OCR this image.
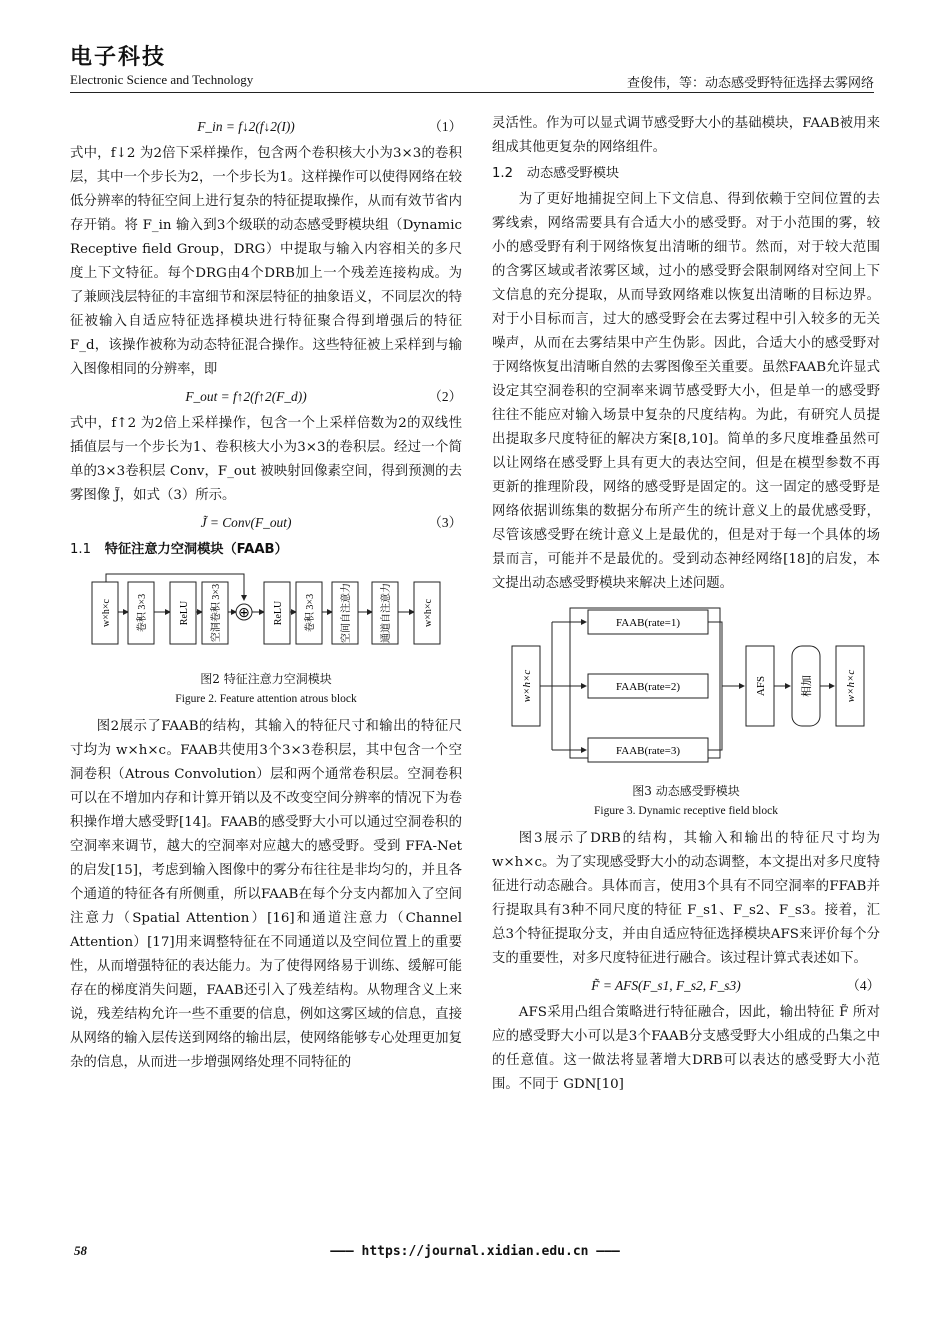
电子科技
Electronic Science and Technology	查俊伟，等：动态感受野特征选择去雾网络
F_in = f↓2(f↓2(I))	（1）

式中，f↓2 为2倍下采样操作，包含两个卷积核大小为3×3的卷积层，其中一个步长为2，一个步长为1。这样操作可以使得网络在较低分辨率的特征空间上进行复杂的特征提取操作，从而有效节省内存开销。将 F_in 输入到3个级联的动态感受野模块组（Dynamic Receptive field Group，DRG）中提取与输入内容相关的多尺度上下文特征。每个DRG由4个DRB加上一个残差连接构成。为了兼顾浅层特征的丰富细节和深层特征的抽象语义，不同层次的特征被输入自适应特征选择模块进行特征聚合得到增强后的特征 F_d，该操作被称为动态特征混合操作。这些特征被上采样到与输入图像相同的分辨率，即

F_out = f↑2(f↑2(F_d))	（2）

式中，f↑2 为2倍上采样操作，包含一个上采样倍数为2的双线性插值层与一个步长为1、卷积核大小为3×3的卷积层。经过一个简单的3×3卷积层 Conv，F_out 被映射回像素空间，得到预测的去雾图像 J̃，如式（3）所示。

J̃ = Conv(F_out)	（3）
1.1 特征注意力空洞模块（FAAB）
w×h×c	卷积 3×3	ReLU 空洞卷积 3×3	ReLU 卷积 3×3	空间自注意力	通道自注意力	w×h×c
⊕
图2 特征注意力空洞模块
Figure 2. Feature attention atrous block

图2展示了FAAB的结构，其输入的特征尺寸和输出的特征尺寸均为 w×h×c。FAAB共使用3个3×3卷积层，其中包含一个空洞卷积（Atrous Convolution）层和两个通常卷积层。空洞卷积可以在不增加内存和计算开销以及不改变空间分辨率的情况下为卷积操作增大感受野[14]。FAAB的感受野大小可以通过空洞卷积的空洞率来调节，越大的空洞率对应越大的感受野。受到 FFA-Net 的启发[15]，考虑到输入图像中的雾分布往往是非均匀的，并且各个通道的特征各有所侧重，所以FAAB在每个分支内都加入了空间注意力（Spatial Attention）[16]和通道注意力（Channel Attention）[17]用来调整特征在不同通道以及空间位置上的重要性，从而增强特征的表达能力。为了使得网络易于训练、缓解可能存在的梯度消失问题，FAAB还引入了残差结构。从物理含义上来说，残差结构允许一些不重要的信息，例如这雾区域的信息，直接从网络的输入层传送到网络的输出层，使网络能够专心处理更加复杂的信息，从而进一步增强网络处理不同特征的

灵活性。作为可以显式调节感受野大小的基础模块，FAAB被用来组成其他更复杂的网络组件。

1.2 动态感受野模块

为了更好地捕捉空间上下文信息、得到依赖于空间位置的去雾线索，网络需要具有合适大小的感受野。对于小范围的雾，较小的感受野有利于网络恢复出清晰的细节。然而，对于较大范围的含雾区域或者浓雾区域，过小的感受野会限制网络对空间上下文信息的充分提取，从而导致网络难以恢复出清晰的目标边界。对于小目标而言，过大的感受野会在去雾过程中引入较多的无关噪声，从而在去雾结果中产生伪影。因此，合适大小的感受野对于网络恢复出清晰自然的去雾图像至关重要。虽然FAAB允许显式设定其空洞卷积的空洞率来调节感受野大小，但是单一的感受野往往不能应对输入场景中复杂的尺度结构。为此，有研究人员提出提取多尺度特征的解决方案[8,10]。简单的多尺度堆叠虽然可以让网络在感受野上具有更大的表达空间，但是在模型参数不再更新的推理阶段，网络的感受野是固定的。这一固定的感受野是网络依据训练集的数据分布所产生的统计意义上的最优感受野，尽管该感受野在统计意义上是最优的，但是对于每一个具体的场景而言，可能并不是最优的。受到动态神经网络[18]的启发，本文提出动态感受野模块来解决上述问题。

w×h×c
FAAB(rate=1)
FAAB(rate=2)
FAAB(rate=3)
AFS	相加	w×h×c
图3 动态感受野模块
Figure 3. Dynamic receptive field block

图3展示了DRB的结构，其输入和输出的特征尺寸均为 w×h×c。为了实现感受野大小的动态调整，本文提出对多尺度特征进行动态融合。具体而言，使用3个具有不同空洞率的FFAB并行提取具有3种不同尺度的特征 F_s1、F_s2、F_s3。接着，汇总3个特征提取分支，并由自适应特征选择模块AFS来评价每个分支的重要性，对多尺度特征进行融合。该过程计算式表述如下。

F̃ = AFS(F_s1, F_s2, F_s3)	（4）

AFS采用凸组合策略进行特征融合，因此，输出特征 F̃ 所对应的感受野大小可以是3个FAAB分支感受野大小组成的凸集之中的任意值。这一做法将显著增大DRB可以表达的感受野大小范围。不同于 GDN[10]

58	——— https://journal.xidian.edu.cn ———
